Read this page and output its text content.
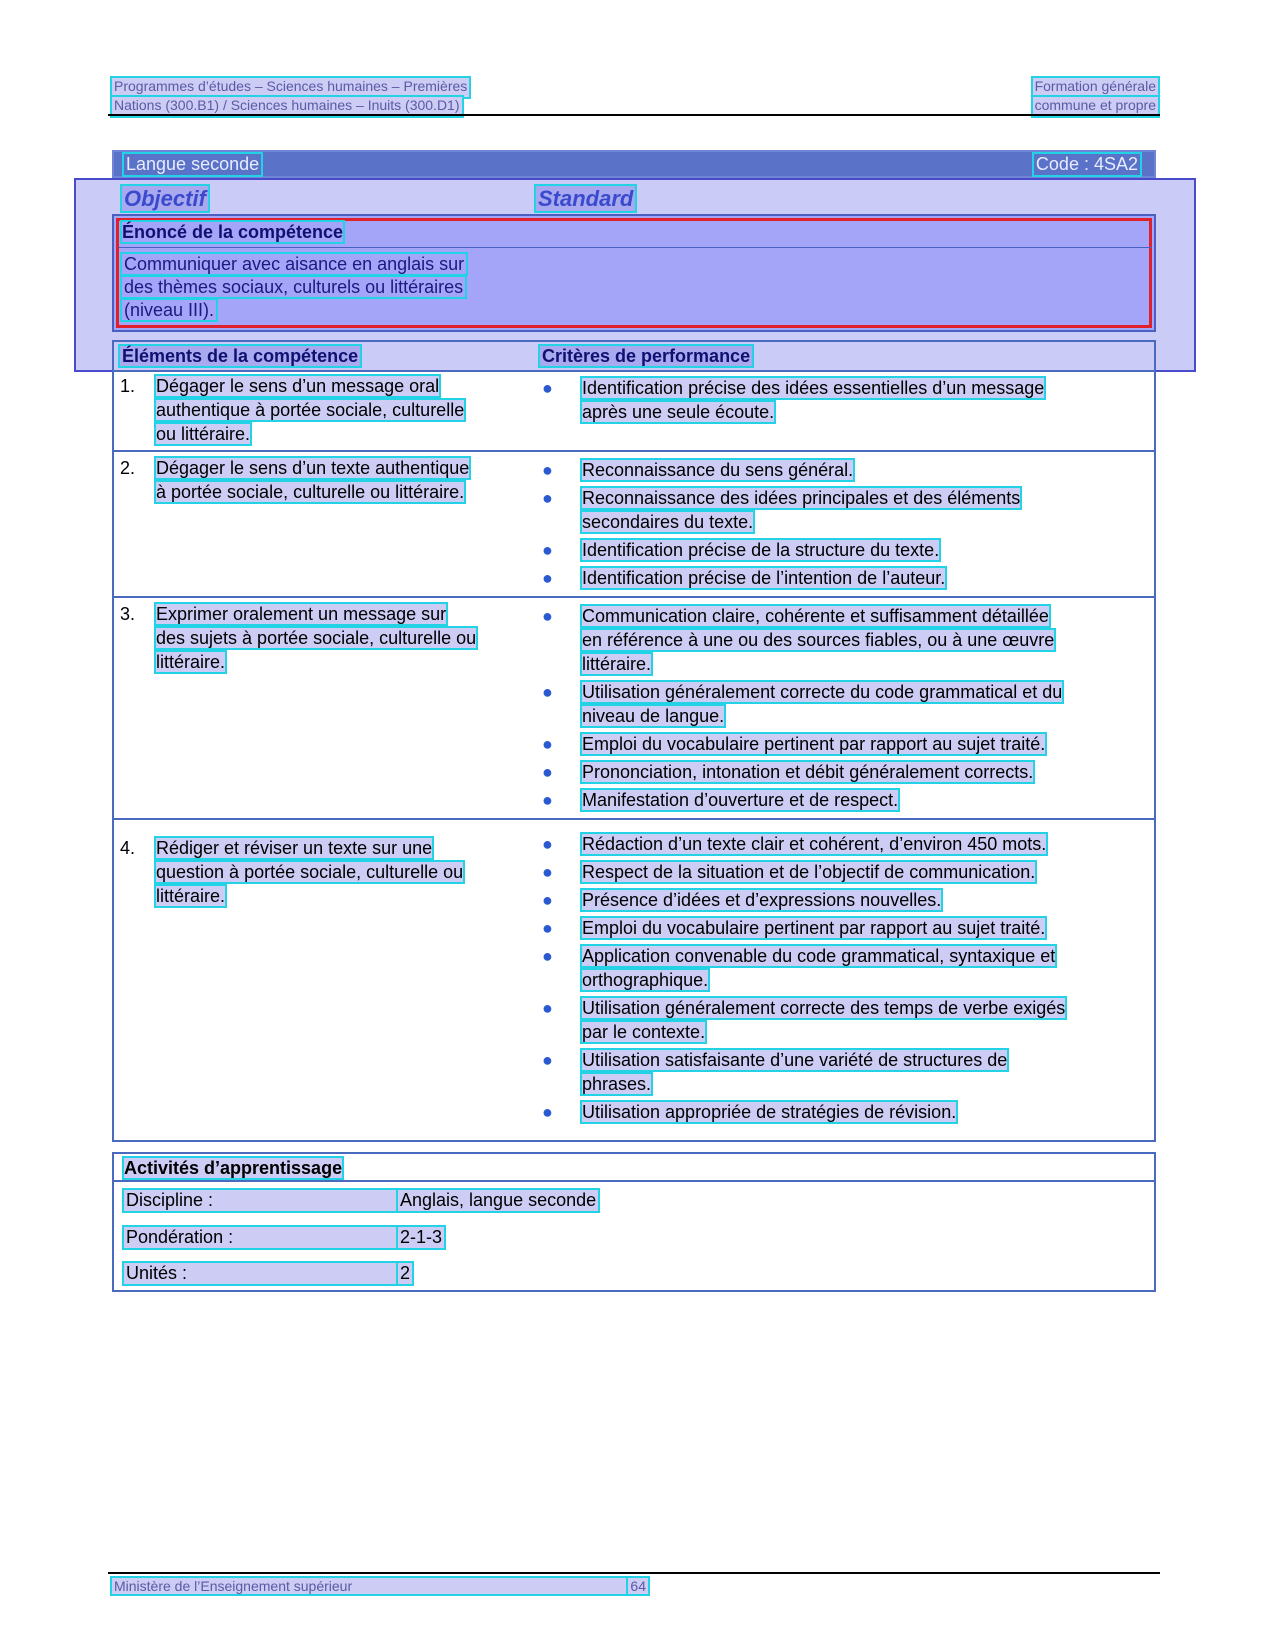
Programmes d’études – Sciences humaines – Premières	Formation générale
Nations (300.B1) / Sciences humaines – Inuits (300.D1)	commune et propre
Langue seconde	Code : 4SA2
Objectif	Standard
Énoncé de la compétence
Communiquer avec aisance en anglais sur
des thèmes sociaux, culturels ou littéraires
(niveau III).
Éléments de la compétence	Critères de performance
1. Dégager le sens d’un message oral
authentique à portée sociale, culturelle
ou littéraire.
● Identification précise des idées essentielles d’un message
après une seule écoute.
2. Dégager le sens d’un texte authentique
à portée sociale, culturelle ou littéraire.
● Reconnaissance du sens général.
● Reconnaissance des idées principales et des éléments
secondaires du texte.
● Identification précise de la structure du texte.
● Identification précise de l’intention de l’auteur.
3. Exprimer oralement un message sur
des sujets à portée sociale, culturelle ou
littéraire.
● Communication claire, cohérente et suffisamment détaillée
en référence à une ou des sources fiables, ou à une œuvre
littéraire.
● Utilisation généralement correcte du code grammatical et du
niveau de langue.
● Emploi du vocabulaire pertinent par rapport au sujet traité.
● Prononciation, intonation et débit généralement corrects.
● Manifestation d’ouverture et de respect.
4. Rédiger et réviser un texte sur une
question à portée sociale, culturelle ou
littéraire.
● Rédaction d’un texte clair et cohérent, d’environ 450 mots.
● Respect de la situation et de l’objectif de communication.
● Présence d’idées et d’expressions nouvelles.
● Emploi du vocabulaire pertinent par rapport au sujet traité.
● Application convenable du code grammatical, syntaxique et
orthographique.
● Utilisation généralement correcte des temps de verbe exigés
par le contexte.
● Utilisation satisfaisante d’une variété de structures de
phrases.
● Utilisation appropriée de stratégies de révision.
Activités d’apprentissage
Discipline :	Anglais, langue seconde
Pondération :	2-1-3
Unités :	2
Ministère de l’Enseignement supérieur	64
